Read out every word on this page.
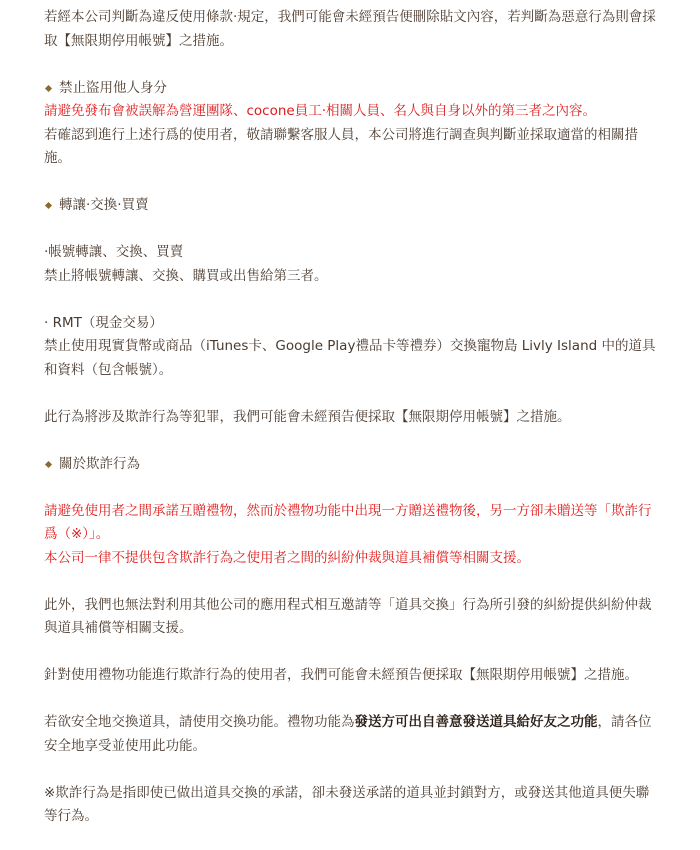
若經本公司判斷為違反使用條款‧規定，我們可能會未經預告便刪除貼文內容，若判斷為惡意行為則會採取【無限期停用帳號】之措施。

禁止盜用他人身分

請避免發布會被誤解為營運團隊、cocone員工‧相關人員、名人與自身以外的第三者之內容。

若確認到進行上述行爲的使用者，敬請聯繫客服人員，本公司將進行調查與判斷並採取適當的相關措施。

轉讓‧交換‧買賣

‧帳號轉讓、交換、買賣

禁止將帳號轉讓、交換、購買或出售給第三者。

‧ RMT（現金交易）

禁止使用現實貨幣或商品（iTunes卡、Google Play禮品卡等禮券）交換寵物島 Livly Island 中的道具和資料（包含帳號）。

此行為將涉及欺詐行為等犯罪，我們可能會未經預告便採取【無限期停用帳號】之措施。

關於欺詐行為

請避免使用者之間承諾互贈禮物，然而於禮物功能中出現一方贈送禮物後，另一方卻未贈送等「欺詐行爲（※）」。

本公司一律不提供包含欺詐行為之使用者之間的糾紛仲裁與道具補償等相關支援。

此外，我們也無法對利用其他公司的應用程式相互邀請等「道具交換」行為所引發的糾紛提供糾紛仲裁與道具補償等相關支援。

針對使用禮物功能進行欺詐行為的使用者，我們可能會未經預告便採取【無限期停用帳號】之措施。

若欲安全地交換道具，請使用交換功能。禮物功能為發送方可出自善意發送道具給好友之功能，請各位安全地享受並使用此功能。

※欺詐行為是指即使已做出道具交換的承諾，卻未發送承諾的道具並封鎖對方，或發送其他道具便失聯等行為。
